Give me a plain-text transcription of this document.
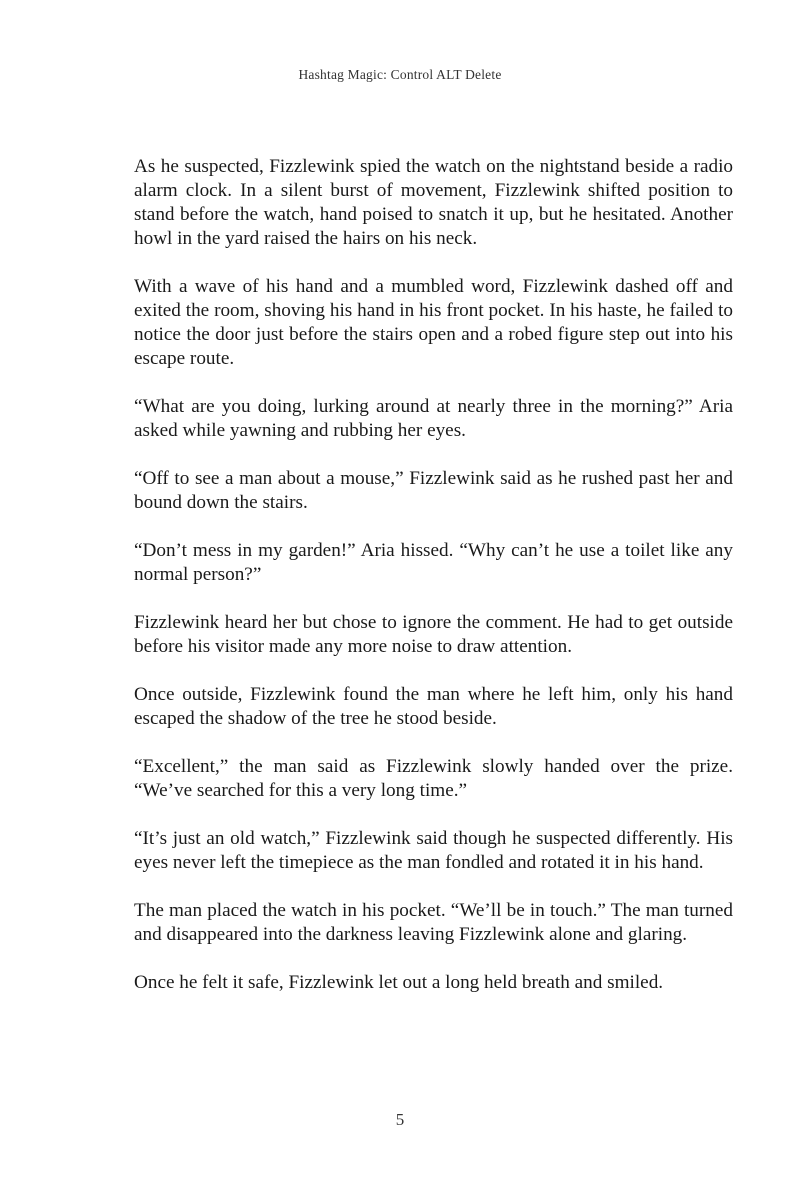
Hashtag Magic: Control ALT Delete

As he suspected, Fizzlewink spied the watch on the nightstand beside a radio alarm clock. In a silent burst of movement, Fizzlewink shifted position to stand before the watch, hand poised to snatch it up, but he hesitated. Another howl in the yard raised the hairs on his neck.

With a wave of his hand and a mumbled word, Fizzlewink dashed off and exited the room, shoving his hand in his front pocket. In his haste, he failed to notice the door just before the stairs open and a robed figure step out into his escape route.

“What are you doing, lurking around at nearly three in the morning?” Aria asked while yawning and rubbing her eyes.

“Off to see a man about a mouse,” Fizzlewink said as he rushed past her and bound down the stairs.

“Don’t mess in my garden!” Aria hissed. “Why can’t he use a toilet like any normal person?”

Fizzlewink heard her but chose to ignore the comment. He had to get outside before his visitor made any more noise to draw attention.

Once outside, Fizzlewink found the man where he left him, only his hand escaped the shadow of the tree he stood beside.

“Excellent,” the man said as Fizzlewink slowly handed over the prize. “We’ve searched for this a very long time.”

“It’s just an old watch,” Fizzlewink said though he suspected differently. His eyes never left the timepiece as the man fondled and rotated it in his hand.

The man placed the watch in his pocket. “We’ll be in touch.” The man turned and disappeared into the darkness leaving Fizzlewink alone and glaring.

Once he felt it safe, Fizzlewink let out a long held breath and smiled.

5
